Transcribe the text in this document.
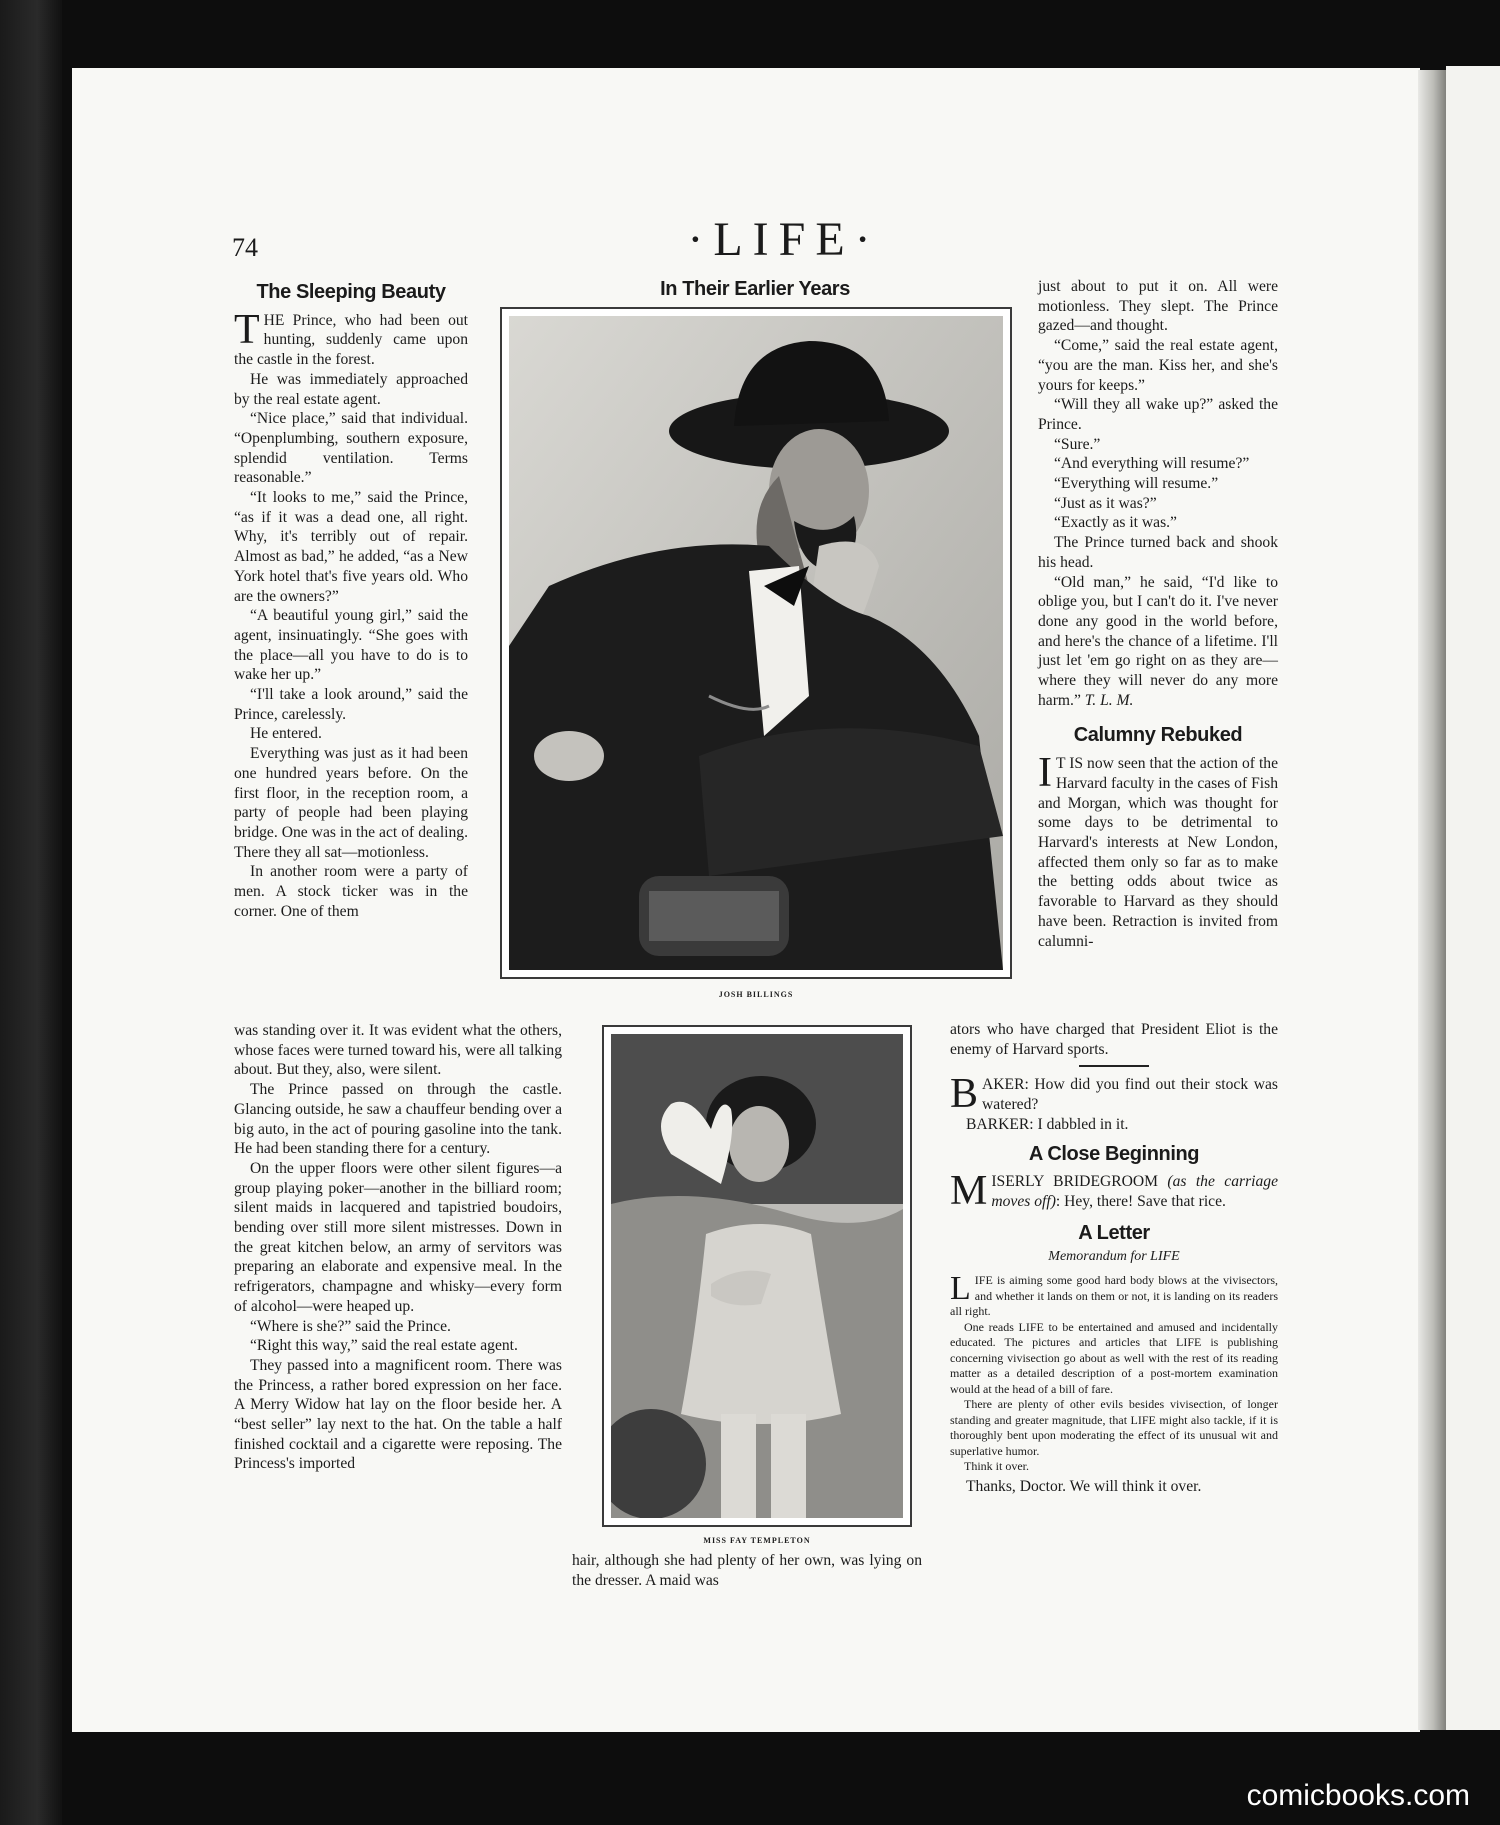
74	·LIFE·
The Sleeping Beauty

THE Prince, who had been out hunting, suddenly came upon the castle in the forest.

He was immediately approached by the real estate agent.

“Nice place,” said that individual. “Openplumbing, southern exposure, splendid ventilation. Terms reasonable.”

“It looks to me,” said the Prince, “as if it was a dead one, all right. Why, it's terribly out of repair. Almost as bad,” he added, “as a New York hotel that's five years old. Who are the owners?”

“A beautiful young girl,” said the agent, insinuatingly. “She goes with the place—all you have to do is to wake her up.”

“I'll take a look around,” said the Prince, carelessly.

He entered.

Everything was just as it had been one hundred years before. On the first floor, in the reception room, a party of people had been playing bridge. One was in the act of dealing. There they all sat—motionless.

In another room were a party of men. A stock ticker was in the corner. One of them

was standing over it. It was evident what the others, whose faces were turned toward his, were all talking about. But they, also, were silent.

The Prince passed on through the castle. Glancing outside, he saw a chauffeur bending over a big auto, in the act of pouring gasoline into the tank. He had been standing there for a century.

On the upper floors were other silent figures—a group playing poker—another in the billiard room; silent maids in lacquered and tapistried boudoirs, bending over still more silent mistresses. Down in the great kitchen below, an army of servitors was preparing an elaborate and expensive meal. In the refrigerators, champagne and whisky—every form of alcohol—were heaped up.

“Where is she?” said the Prince.

“Right this way,” said the real estate agent.

They passed into a magnificent room. There was the Princess, a rather bored expression on her face. A Merry Widow hat lay on the floor beside her. A “best seller” lay next to the hat. On the table a half finished cocktail and a cigarette were reposing. The Princess's imported

In Their Earlier Years
JOSH BILLINGS
MISS FAY TEMPLETON

hair, although she had plenty of her own, was lying on the dresser. A maid was

just about to put it on. All were motionless. They slept. The Prince gazed—and thought.

“Come,” said the real estate agent, “you are the man. Kiss her, and she's yours for keeps.”

“Will they all wake up?” asked the Prince.

“Sure.”

“And everything will resume?”

“Everything will resume.”

“Just as it was?”

“Exactly as it was.”

The Prince turned back and shook his head.

“Old man,” he said, “I'd like to oblige you, but I can't do it. I've never done any good in the world before, and here's the chance of a lifetime. I'll just let 'em go right on as they are—where they will never do any more harm.” T. L. M.

Calumny Rebuked

I T IS now seen that the action of the Harvard faculty in the cases of Fish and Morgan, which was thought for some days to be detrimental to Harvard's interests at New London, affected them only so far as to make the betting odds about twice as favorable to Harvard as they should have been. Retraction is invited from calumni-

ators who have charged that President Eliot is the enemy of Harvard sports.

BAKER: How did you find out their stock was watered?

BARKER: I dabbled in it.

A Close Beginning

MISERLY BRIDEGROOM (as the carriage moves off): Hey, there! Save that rice.

A Letter
Memorandum for LIFE

LIFE is aiming some good hard body blows at the vivisectors, and whether it lands on them or not, it is landing on its readers all right.

One reads LIFE to be entertained and amused and incidentally educated. The pictures and articles that LIFE is publishing concerning vivisection go about as well with the rest of its reading matter as a detailed description of a post-mortem examination would at the head of a bill of fare.

There are plenty of other evils besides vivisection, of longer standing and greater magnitude, that LIFE might also tackle, if it is thoroughly bent upon moderating the effect of its unusual wit and superlative humor.

Think it over.

Thanks, Doctor. We will think it over.

comicbooks.com
